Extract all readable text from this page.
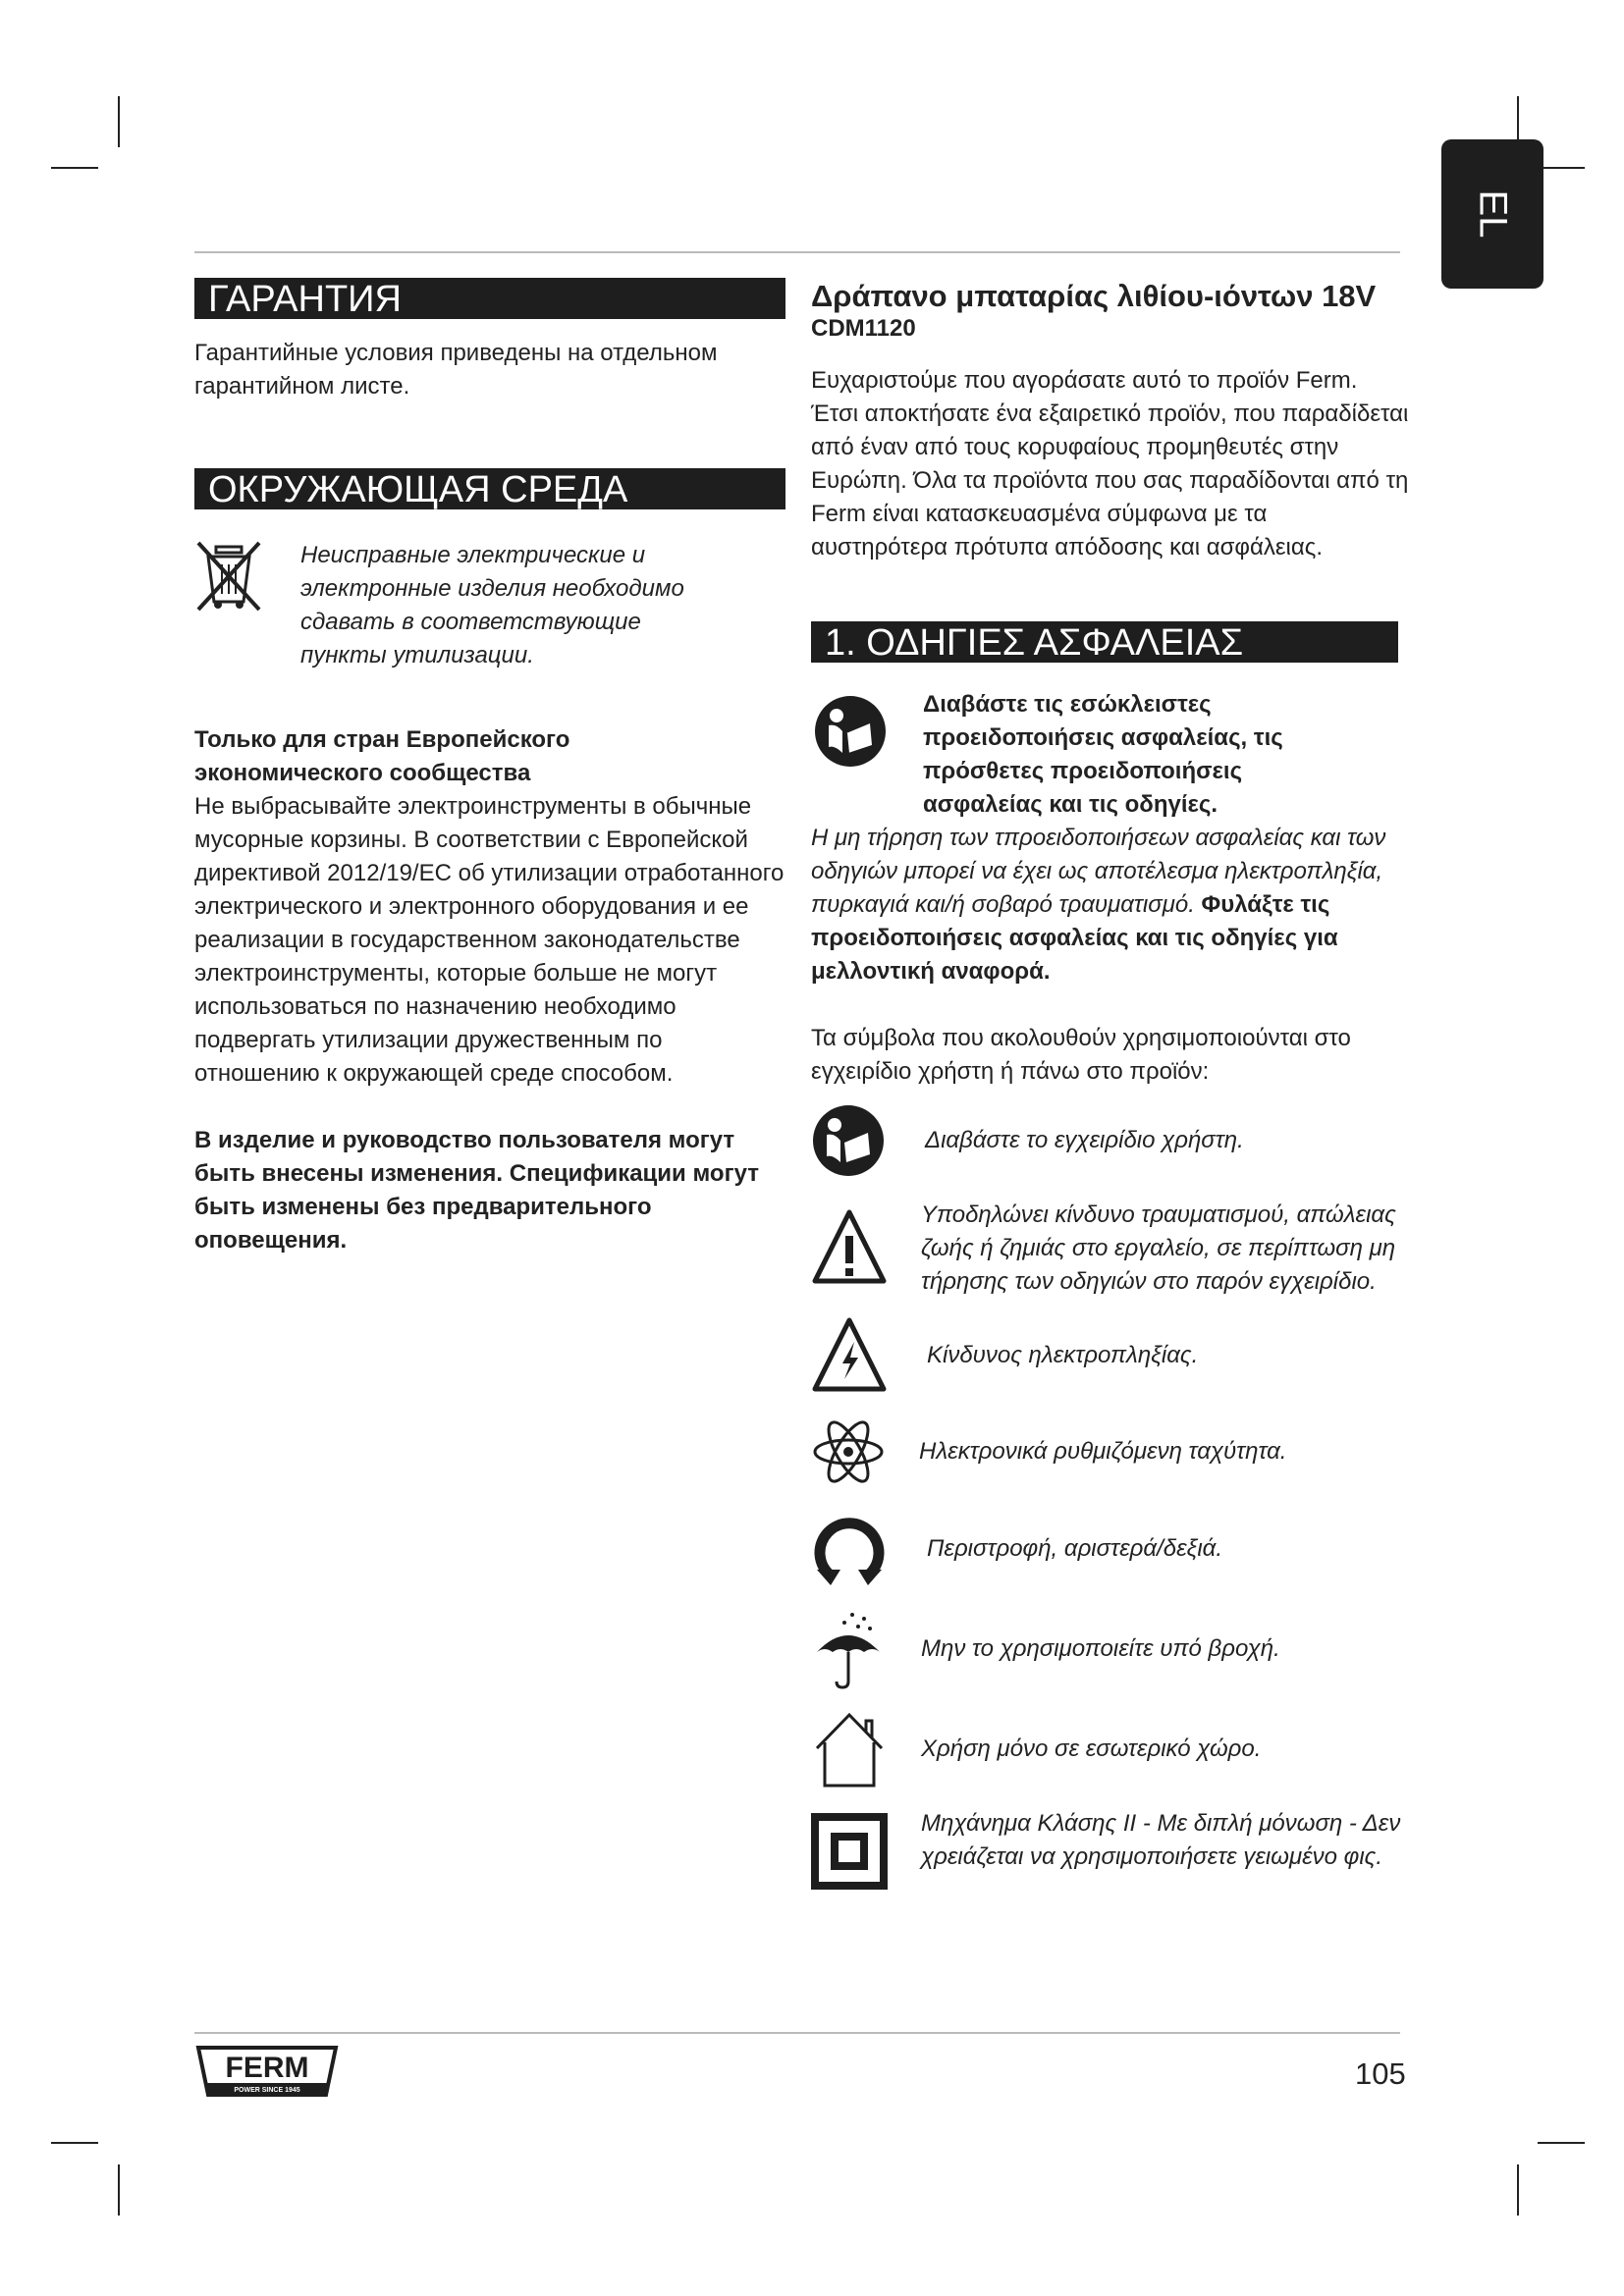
EL
ГАРАНТИЯ

Гарантийные условия приведены на отдельном гарантийном листе.

ОКРУЖАЮЩАЯ СРЕДА

Неисправные электрические и электронные изделия необходимо сдавать в соответствующие пункты утилизации.

Только для стран Европейского экономического сообщества

Не выбрасывайте электроинструменты в обычные мусорные корзины. В соответствии с Европейской директивой 2012/19/ЕС об утилизации отработанного электрического и электронного оборудования и ее реализации в государственном законодательстве электроинструменты, которые больше не могут использоваться по назначению необходимо подвергать утилизации дружественным по отношению к окружающей среде способом.

В изделие и руководство пользователя могут быть внесены изменения. Спецификации могут быть изменены без предварительного оповещения.

Δράπανο μπαταρίας λιθίου-ιόντων 18V
CDM1120

Ευχαριστούμε που αγοράσατε αυτό το προϊόν Ferm. Έτσι αποκτήσατε ένα εξαιρετικό προϊόν, που παραδίδεται από έναν από τους κορυφαίους προμηθευτές στην Ευρώπη. Όλα τα προϊόντα που σας παραδίδονται από τη Ferm είναι κατασκευασμένα σύμφωνα με τα αυστηρότερα πρότυπα απόδοσης και ασφάλειας.

1. ΟΔΗΓΙΕΣ ΑΣΦΑΛΕΙΑΣ

Διαβάστε τις εσώκλειστες προειδοποιήσεις ασφαλείας, τις πρόσθετες προειδοποιήσεις ασφαλείας και τις οδηγίες.

Η μη τήρηση των τπροειδοποιήσεων ασφαλείας και των οδηγιών μπορεί να έχει ως αποτέλεσμα ηλεκτροπληξία, πυρκαγιά και/ή σοβαρό τραυματισμό. Φυλάξτε τις προειδοποιήσεις ασφαλείας και τις οδηγίες για μελλοντική αναφορά.

Τα σύμβολα που ακολουθούν χρησιμοποιούνται στο εγχειρίδιο χρήστη ή πάνω στο προϊόν:

Διαβάστε το εγχειρίδιο χρήστη.

Υποδηλώνει κίνδυνο τραυματισμού, απώλειας ζωής ή ζημιάς στο εργαλείο, σε περίπτωση μη τήρησης των οδηγιών στο παρόν εγχειρίδιο.

Κίνδυνος ηλεκτροπληξίας.

Ηλεκτρονικά ρυθμιζόμενη ταχύτητα.

Περιστροφή, αριστερά/δεξιά.

Μην το χρησιμοποιείτε υπό βροχή.

Χρήση μόνο σε εσωτερικό χώρο.

Μηχάνημα Κλάσης II - Με διπλή μόνωση - Δεν χρειάζεται να χρησιμοποιήσετε γειωμένο φις.

FERM
POWER SINCE 1945	105
